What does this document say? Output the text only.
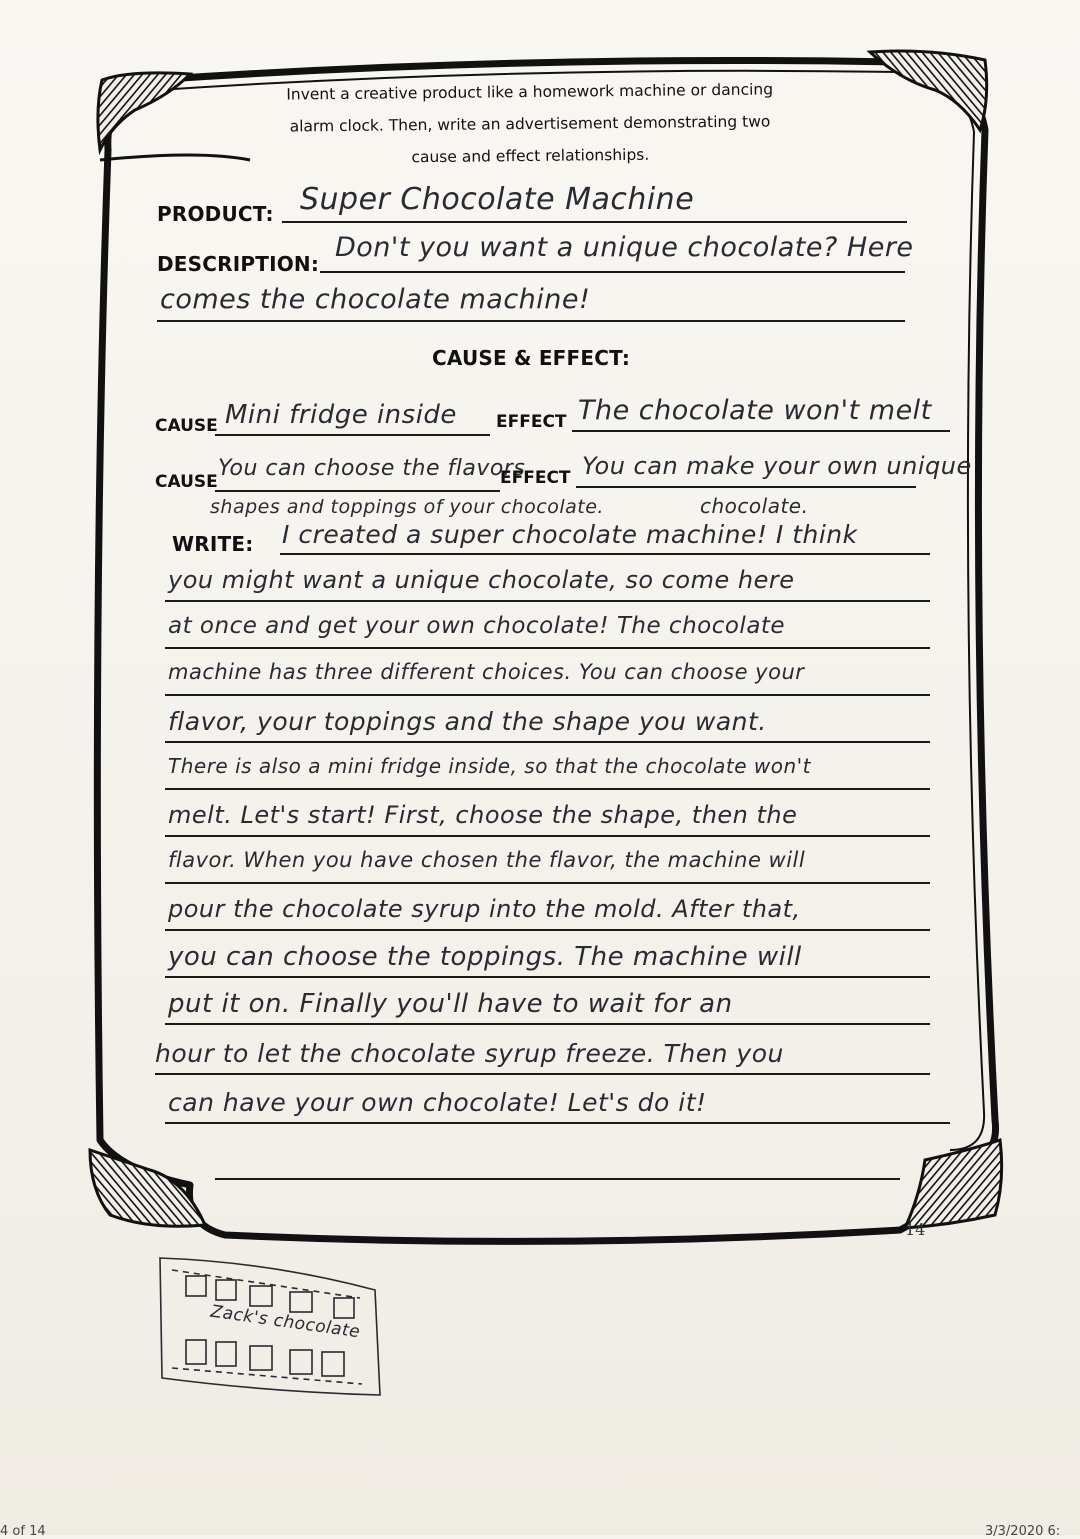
Invent a creative product like a homework machine or dancing
alarm clock. Then, write an advertisement demonstrating two
cause and effect relationships.
PRODUCT: Super Chocolate Machine
DESCRIPTION:
Don't you want a unique chocolate? Here
comes the chocolate machine!
CAUSE & EFFECT:
CAUSE Mini fridge inside EFFECT The chocolate won't melt
CAUSE
You can choose the flavors
EFFECT You can make your own unique
shapes and toppings of your chocolate.	chocolate.
WRITE: I created a super chocolate machine! I think
you might want a unique chocolate, so come here
at once and get your own chocolate! The chocolate
machine has three different choices. You can choose your
flavor, your toppings and the shape you want.
There is also a mini fridge inside, so that the chocolate won't
melt. Let's start! First, choose the shape, then the
flavor. When you have chosen the flavor, the machine will
pour the chocolate syrup into the mold. After that,
you can choose the toppings. The machine will
put it on. Finally you'll have to wait for an
hour to let the chocolate syrup freeze. Then you
can have your own chocolate! Let's do it!
14
Zack's chocolate
4 of 14	3/3/2020 6:
